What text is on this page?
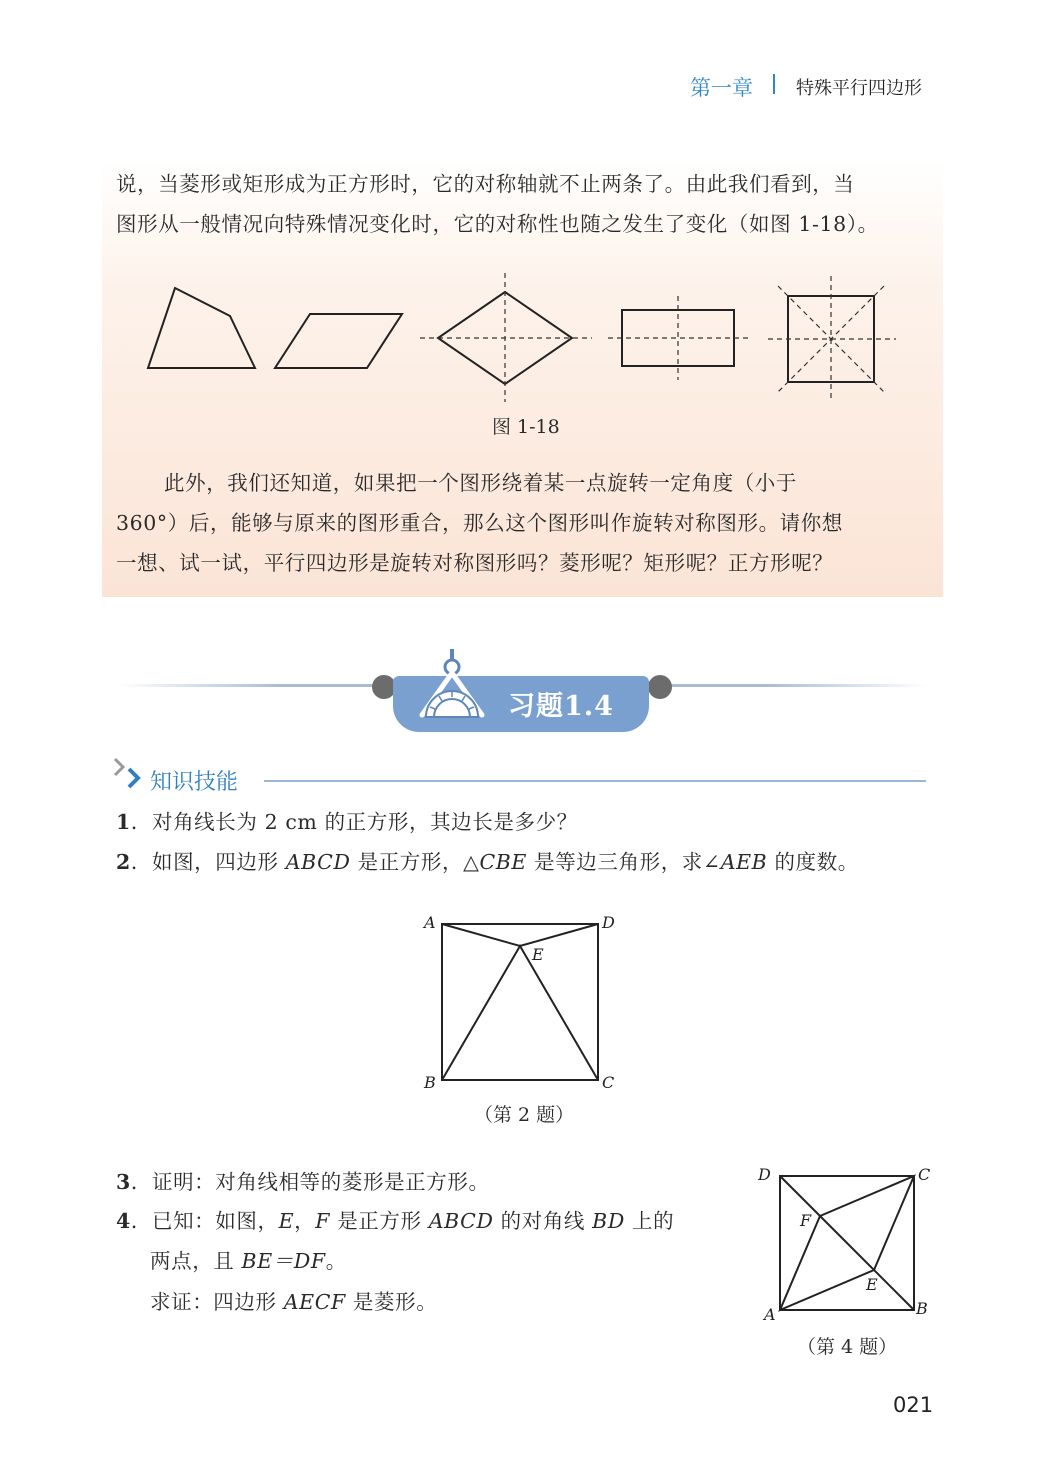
第一章 特殊平行四边形
说，当菱形或矩形成为正方形时，它的对称轴就不止两条了。由此我们看到，当
图形从一般情况向特殊情况变化时，它的对称性也随之发生了变化（如图 1-18）。
图 1-18
此外，我们还知道，如果把一个图形绕着某一点旋转一定角度（小于
360°）后，能够与原来的图形重合，那么这个图形叫作旋转对称图形。请你想
一想、试一试，平行四边形是旋转对称图形吗？菱形呢？矩形呢？正方形呢？
习题1.4
知识技能
1．对角线长为 2 cm 的正方形，其边长是多少？
2．如图，四边形 ABCD 是正方形，△CBE 是等边三角形，求∠AEB 的度数。
A	D
E
B	C
（第 2 题）
3．证明：对角线相等的菱形是正方形。
4．已知：如图，E，F 是正方形 ABCD 的对角线 BD 上的
两点，且 BE＝DF。
求证：四边形 AECF 是菱形。
D	C
F
E
A	B
（第 4 题）
021
